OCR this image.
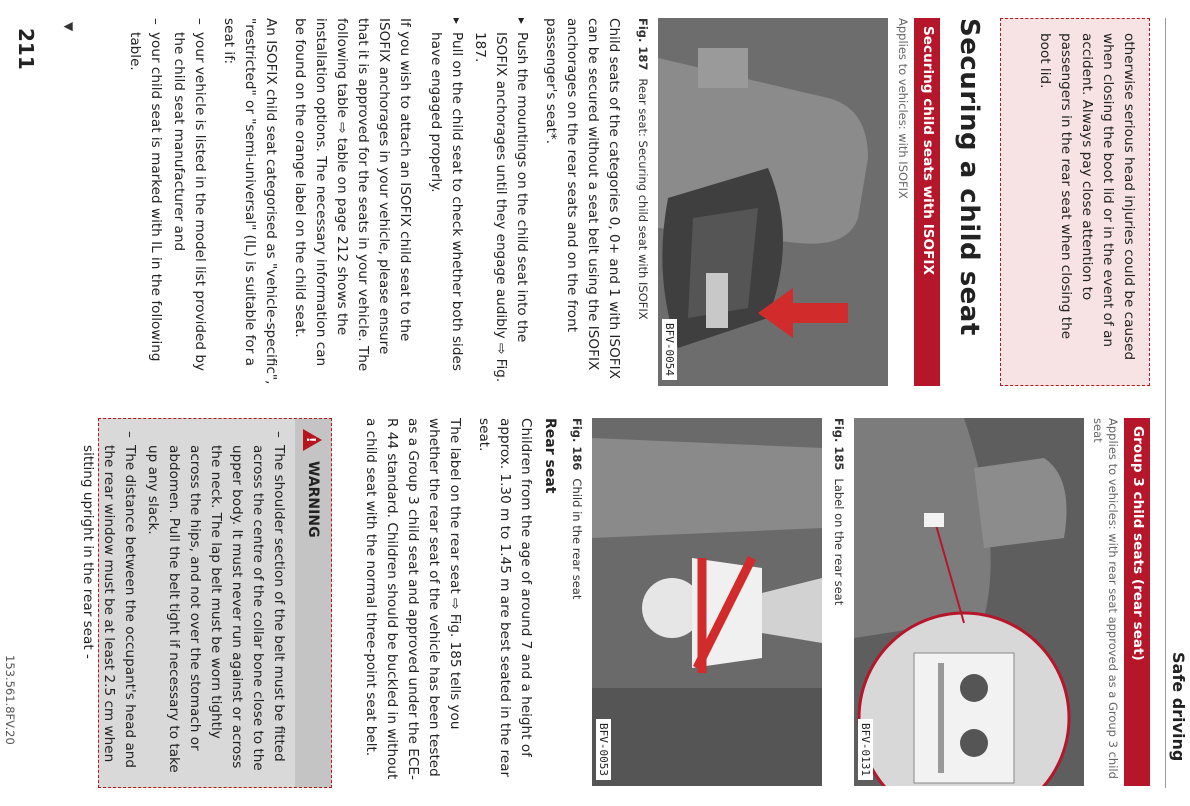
Safe driving

otherwise serious head injuries could be caused when closing the boot lid or in the event of an accident. Always pay close attention to passengers in the rear seat when closing the boot lid.

Securing a child seat
Securing child seats with ISOFIX
Applies to vehicles: with ISOFIX
BFV-0054
Fig. 187Rear seat: Securing child seat with ISOFIX

Child seats of the categories 0, 0+ and 1 with ISOFIX can be secured without a seat belt using the ISOFIX anchorages on the rear seats and on the front passenger's seat*.

▸ Push the mountings on the child seat into the ISOFIX anchorages until they engage audibly ⇨ Fig. 187.
▸ Pull on the child seat to check whether both sides have engaged properly.

If you wish to attach an ISOFIX child seat to the ISOFIX anchorages in your vehicle, please ensure that it is approved for the seats in your vehicle. The following table ⇨ table on page 212 shows the installation options. The necessary information can be found on the orange label on the child seat.

An ISOFIX child seat categorised as "vehicle-specific", "restricted" or "semi-universal" (IL) is suitable for a seat if:

– your vehicle is listed in the model list provided by the child seat manufacturer and
– your child seat is marked with IL in the following table.
Group 3 child seats (rear seat)
Applies to vehicles: with rear seat approved as a Group 3 child seat
BFV-0131
Fig. 185Label on the rear seat
BFV-0053
Fig. 186Child in the rear seat
Rear seat

Children from the age of around 7 and a height of approx. 1.30 m to 1.45 m are best seated in the rear seat.

The label on the rear seat ⇨ Fig. 185 tells you whether the rear seat of the vehicle has been tested as a Group 3 child seat and approved under the ECE-R 44 standard. Children should be buckled in without a child seat with the normal three-point seat belt.

!
WARNING
– The shoulder section of the belt must be fitted across the centre of the collar bone close to the upper body. It must never run against or across the neck. The lap belt must be worn tightly across the hips, and not over the stomach or abdomen. Pull the belt tight if necessary to take up any slack.
– The distance between the occupant's head and the rear window must be at least 2.5 cm when sitting upright in the rear seat -
▼
211
153.561.8FV.20
